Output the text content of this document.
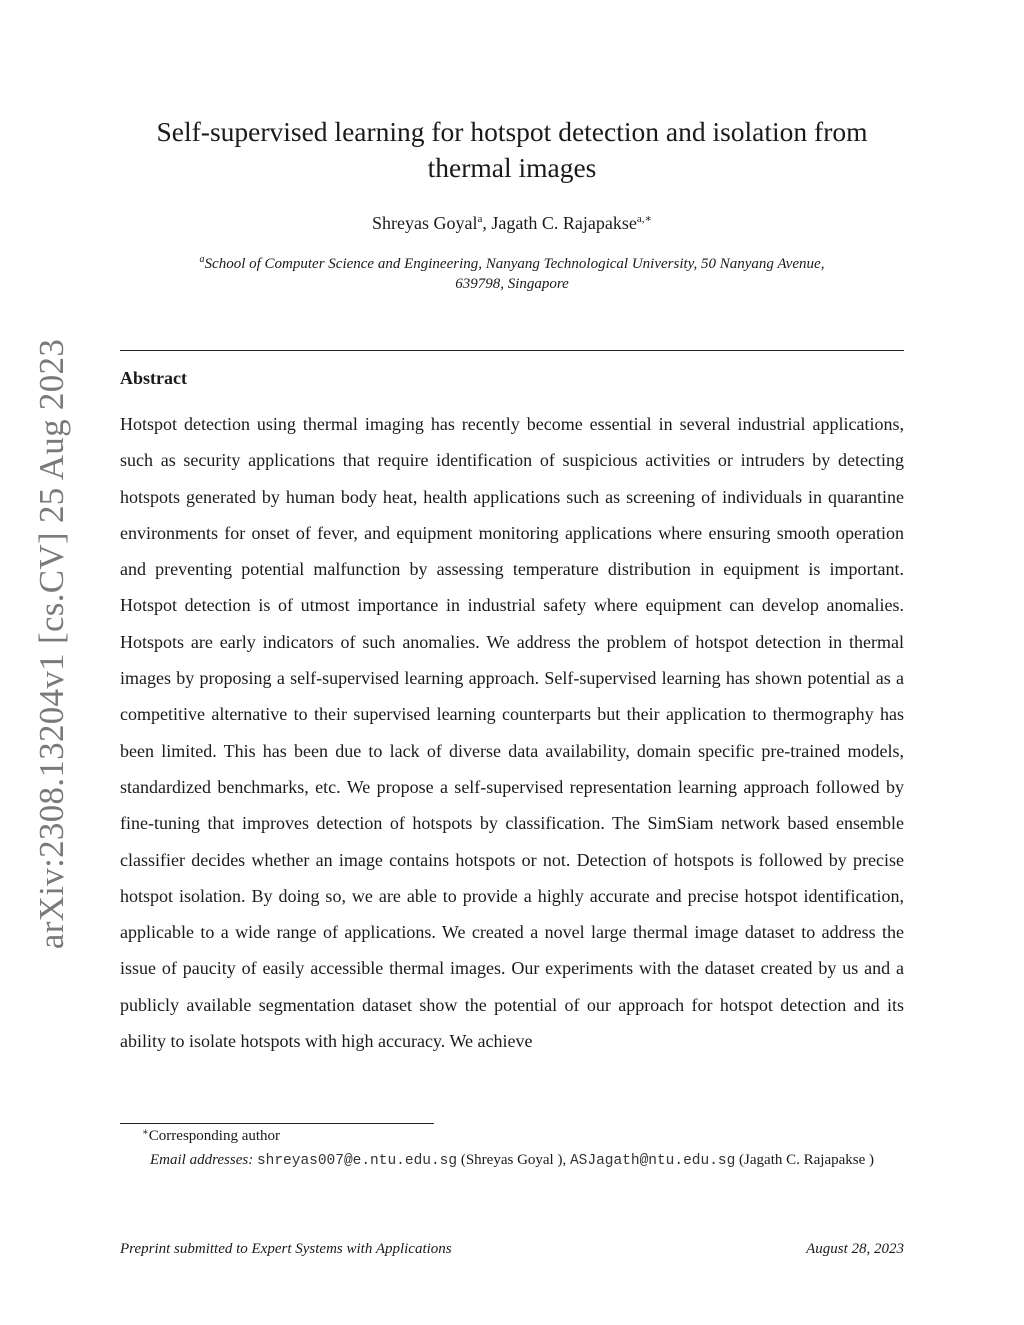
arXiv:2308.13204v1 [cs.CV] 25 Aug 2023
Self-supervised learning for hotspot detection and isolation from thermal images
Shreyas Goyal$^a$, Jagath C. Rajapakse$^{a,∗}$
$^a$School of Computer Science and Engineering, Nanyang Technological University, 50 Nanyang Avenue, 639798, Singapore
Abstract

Hotspot detection using thermal imaging has recently become essential in several industrial applications, such as security applications that require identification of suspicious activities or intruders by detecting hotspots generated by human body heat, health applications such as screening of individuals in quarantine environments for onset of fever, and equipment monitoring applications where ensuring smooth operation and preventing potential malfunction by assessing temperature distribution in equipment is important. Hotspot detection is of utmost importance in industrial safety where equipment can develop anomalies. Hotspots are early indicators of such anomalies. We address the problem of hotspot detection in thermal images by proposing a self-supervised learning approach. Self-supervised learning has shown potential as a competitive alternative to their supervised learning counterparts but their application to thermography has been limited. This has been due to lack of diverse data availability, domain specific pre-trained models, standardized benchmarks, etc. We propose a self-supervised representation learning approach followed by fine-tuning that improves detection of hotspots by classification. The SimSiam network based ensemble classifier decides whether an image contains hotspots or not. Detection of hotspots is followed by precise hotspot isolation. By doing so, we are able to provide a highly accurate and precise hotspot identification, applicable to a wide range of applications. We created a novel large thermal image dataset to address the issue of paucity of easily accessible thermal images. Our experiments with the dataset created by us and a publicly available segmentation dataset show the potential of our approach for hotspot detection and its ability to isolate hotspots with high accuracy. We achieve

∗Corresponding author
Email addresses: shreyas007@e.ntu.edu.sg (Shreyas Goyal ), ASJagath@ntu.edu.sg (Jagath C. Rajapakse )
Preprint submitted to Expert Systems with Applications	August 28, 2023
